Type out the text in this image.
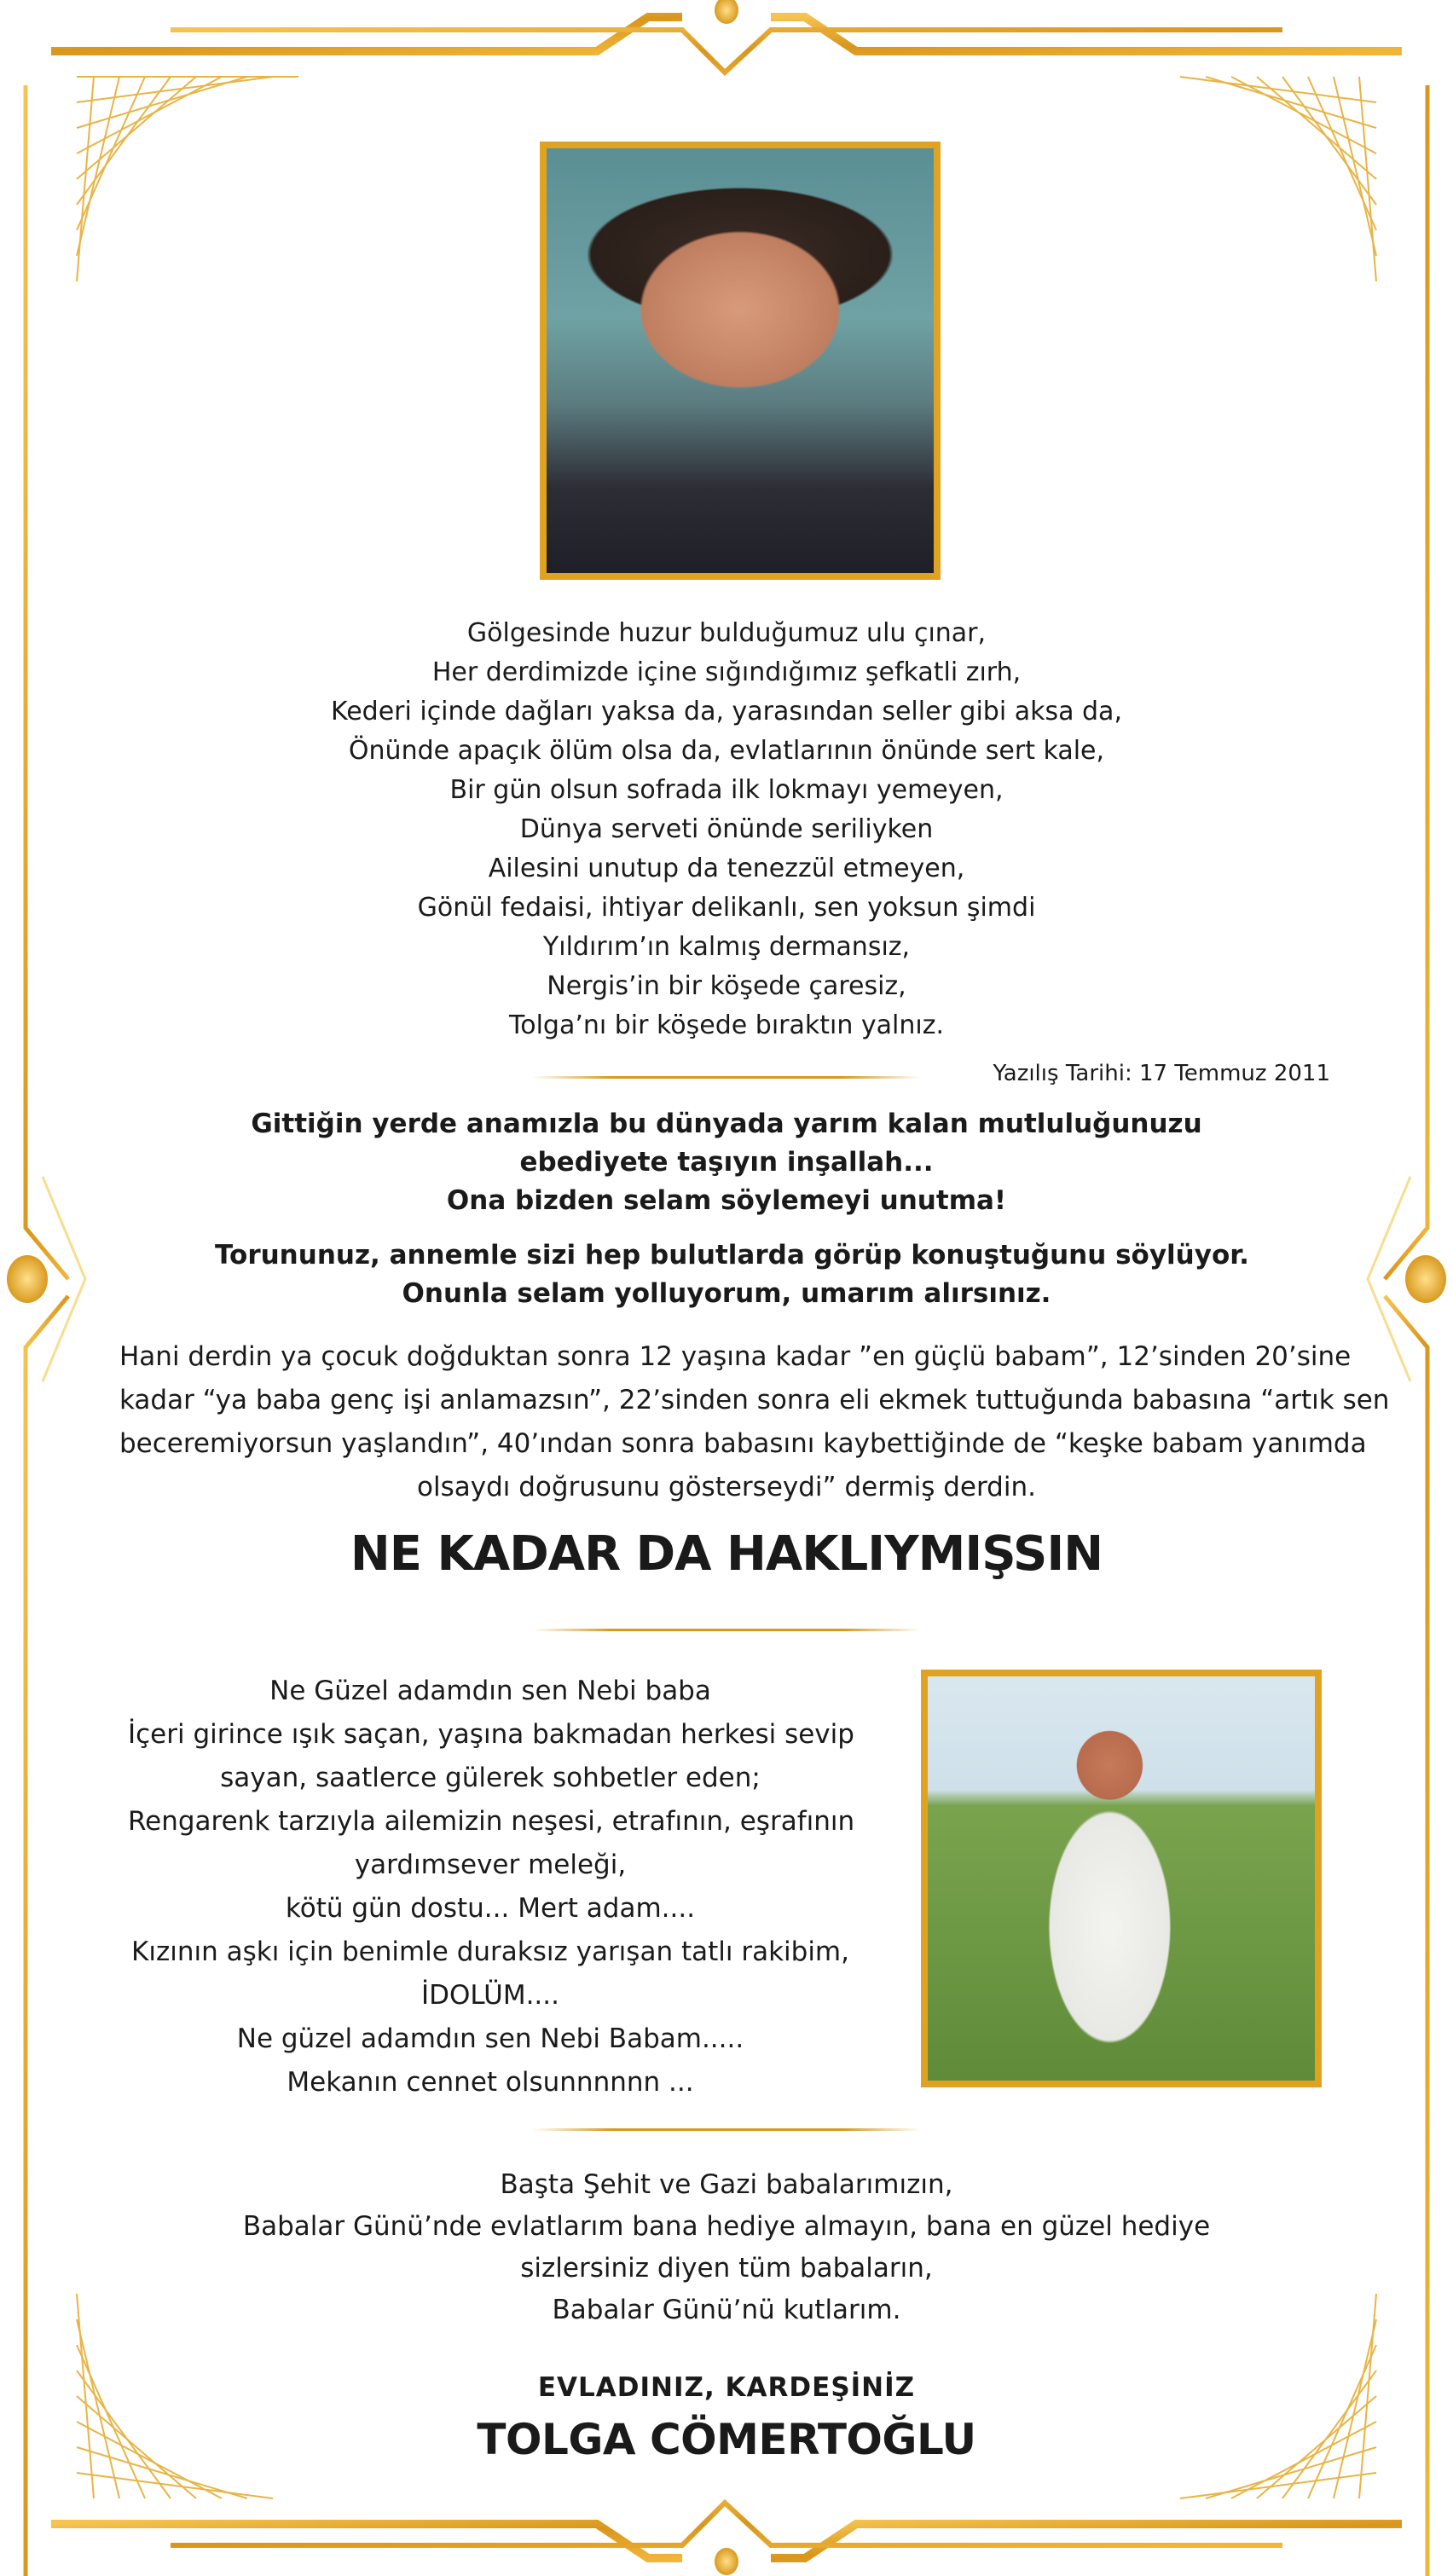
Gölgesinde huzur bulduğumuz ulu çınar,
Her derdimizde içine sığındığımız şefkatli zırh,
Kederi içinde dağları yaksa da, yarasından seller gibi aksa da,
Önünde apaçık ölüm olsa da, evlatlarının önünde sert kale,
Bir gün olsun sofrada ilk lokmayı yemeyen,
Dünya serveti önünde seriliyken
Ailesini unutup da tenezzül etmeyen,
Gönül fedaisi, ihtiyar delikanlı, sen yoksun şimdi
Yıldırım’ın kalmış dermansız,
Nergis’in bir köşede çaresiz,
Tolga’nı bir köşede bıraktın yalnız.
Yazılış Tarihi: 17 Temmuz 2011
Gittiğin yerde anamızla bu dünyada yarım kalan mutluluğunuzu
ebediyete taşıyın inşallah...
Ona bizden selam söylemeyi unutma!
Torununuz, annemle sizi hep bulutlarda görüp konuştuğunu söylüyor.
Onunla selam yolluyorum, umarım alırsınız.
Hani derdin ya çocuk doğduktan sonra 12 yaşına kadar ”en güçlü babam”, 12’sinden 20’sine
kadar “ya baba genç işi anlamazsın”, 22’sinden sonra eli ekmek tuttuğunda babasına “artık sen
beceremiyorsun yaşlandın”, 40’ından sonra babasını kaybettiğinde de “keşke babam yanımda
olsaydı doğrusunu gösterseydi” dermiş derdin.
NE KADAR DA HAKLIYMIŞSIN
Ne Güzel adamdın sen Nebi baba
İçeri girince ışık saçan, yaşına bakmadan herkesi sevip
sayan, saatlerce gülerek sohbetler eden;
Rengarenk tarzıyla ailemizin neşesi, etrafının, eşrafının
yardımsever meleği,
kötü gün dostu... Mert adam....
Kızının aşkı için benimle duraksız yarışan tatlı rakibim,
İDOLÜM....
Ne güzel adamdın sen Nebi Babam.....
Mekanın cennet olsunnnnnn ...
Başta Şehit ve Gazi babalarımızın,
Babalar Günü’nde evlatlarım bana hediye almayın, bana en güzel hediye
sizlersiniz diyen tüm babaların,
Babalar Günü’nü kutlarım.
EVLADINIZ, KARDEŞİNİZ
TOLGA CÖMERTOĞLU
